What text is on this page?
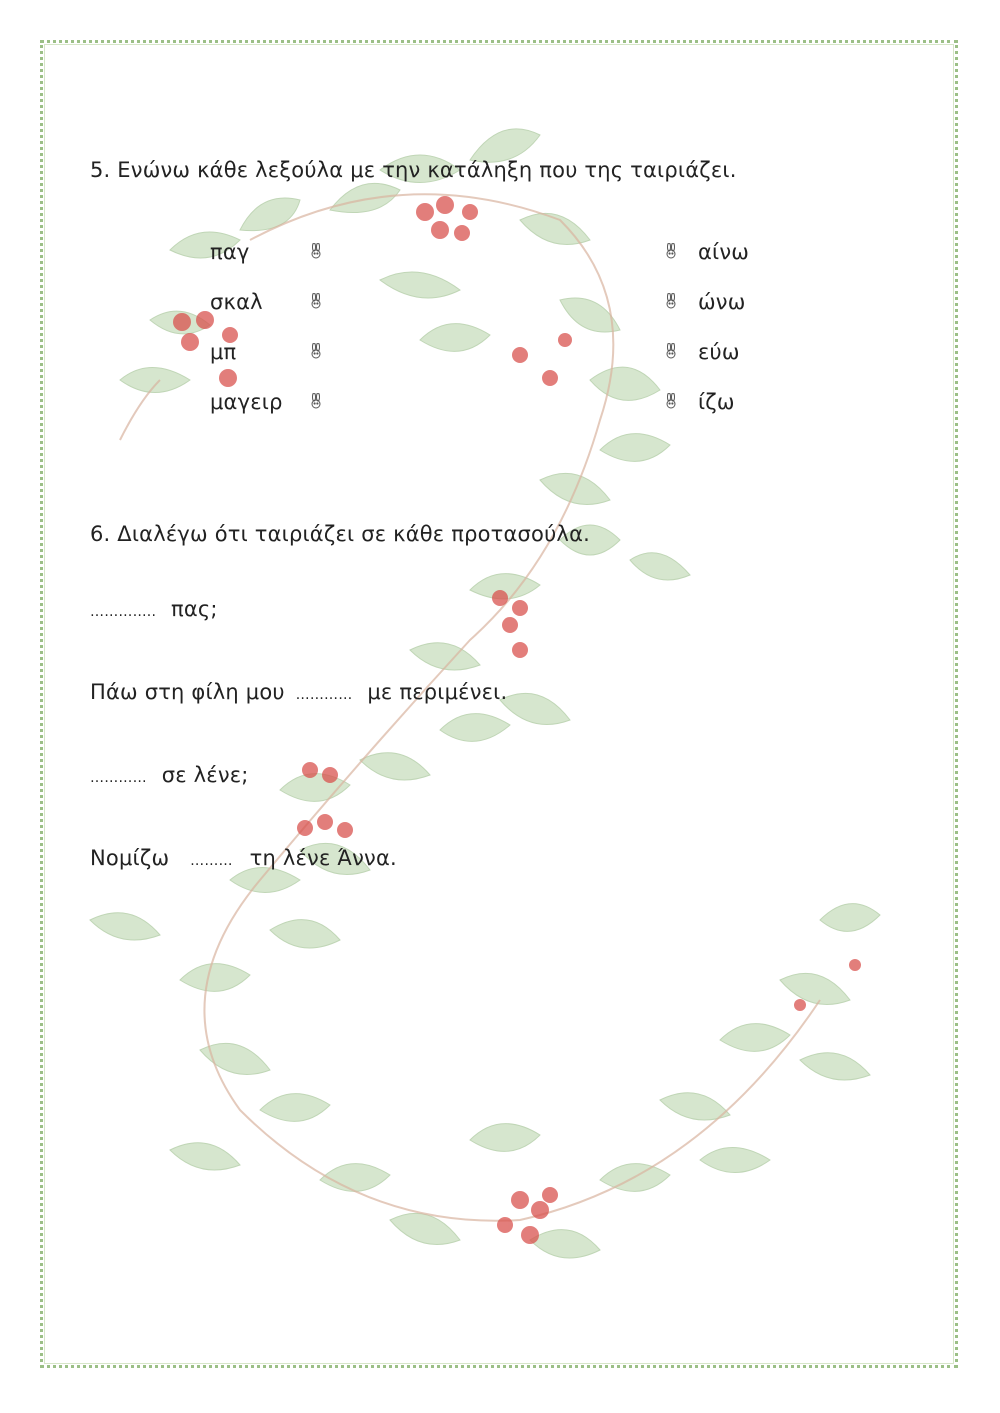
5. Ενώνω κάθε λεξούλα με την κατάληξη που της ταιριάζει.
παγ
σκαλ
μπ
μαγειρ
αίνω
ώνω
εύω
ίζω
6. Διαλέγω ότι ταιριάζει σε κάθε προτασούλα.
………….. πας;
Πάω στη φίλη μου ………… με περιμένει.
………… σε λένε;
Νομίζω ……… τη λένε Άννα.
